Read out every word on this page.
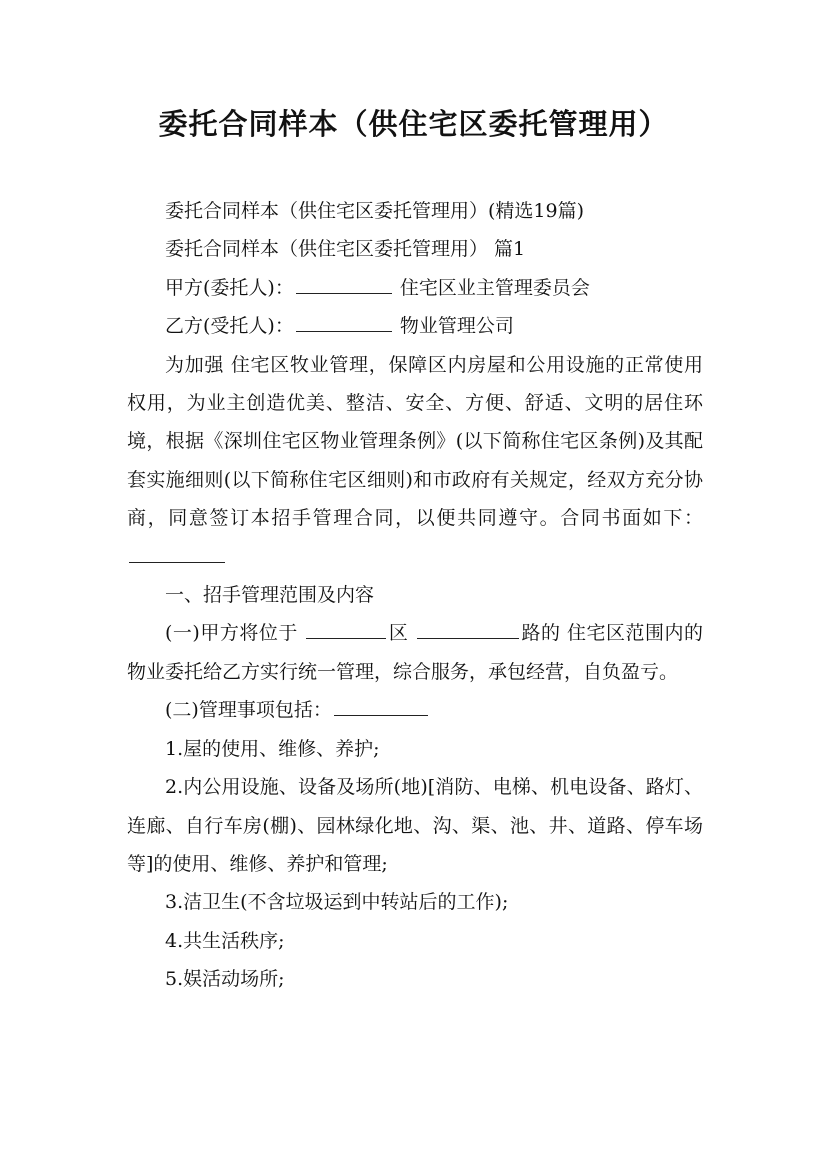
委托合同样本（供住宅区委托管理用）

委托合同样本（供住宅区委托管理用）(精选19篇)

委托合同样本（供住宅区委托管理用） 篇1

甲方(委托人)：	住宅区业主管理委员会

乙方(受托人)：	物业管理公司

为加强 住宅区牧业管理，保障区内房屋和公用设施的正常使用权用，为业主创造优美、整洁、安全、方便、舒适、文明的居住环境，根据《深圳住宅区物业管理条例》(以下简称住宅区条例)及其配套实施细则(以下简称住宅区细则)和市政府有关规定，经双方充分协商，同意签订本招手管理合同，以便共同遵守。合同书面如下：

一、招手管理范围及内容

(一)甲方将位于	区	路的 住宅区范围内的物业委托给乙方实行统一管理，综合服务，承包经营，自负盈亏。

(二)管理事项包括：

1.屋的使用、维修、养护;

2.内公用设施、设备及场所(地)[消防、电梯、机电设备、路灯、连廊、自行车房(棚)、园林绿化地、沟、渠、池、井、道路、停车场等]的使用、维修、养护和管理;

3.洁卫生(不含垃圾运到中转站后的工作);

4.共生活秩序;

5.娱活动场所;
